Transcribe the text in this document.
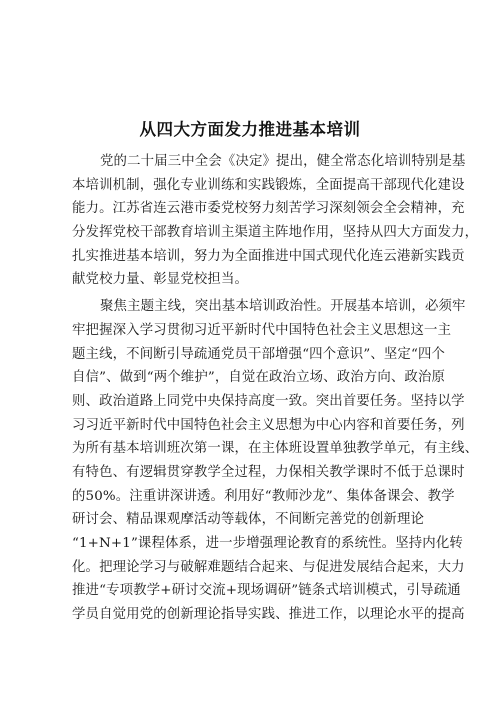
从四大方面发力推进基本培训
党的二十届三中全会《决定》提出，健全常态化培训特别是基
本培训机制，强化专业训练和实践锻炼，全面提高干部现代化建设
能力。江苏省连云港市委党校努力刻苦学习深刻领会全会精神，充
分发挥党校干部教育培训主渠道主阵地作用，坚持从四大方面发力，
扎实推进基本培训，努力为全面推进中国式现代化连云港新实践贡
献党校力量、彰显党校担当。
聚焦主题主线，突出基本培训政治性。开展基本培训，必须牢
牢把握深入学习贯彻习近平新时代中国特色社会主义思想这一主
题主线，不间断引导疏通党员干部增强“四个意识”、坚定“四个
自信”、做到“两个维护”，自觉在政治立场、政治方向、政治原
则、政治道路上同党中央保持高度一致。突出首要任务。坚持以学
习习近平新时代中国特色社会主义思想为中心内容和首要任务，列
为所有基本培训班次第一课，在主体班设置单独教学单元，有主线、
有特色、有逻辑贯穿教学全过程，力保相关教学课时不低于总课时
的50%。注重讲深讲透。利用好“教师沙龙”、集体备课会、教学
研讨会、精品课观摩活动等载体，不间断完善党的创新理论
“1+N+1”课程体系，进一步增强理论教育的系统性。坚持内化转
化。把理论学习与破解难题结合起来、与促进发展结合起来，大力
推进“专项教学+研讨交流+现场调研”链条式培训模式，引导疏通
学员自觉用党的创新理论指导实践、推进工作，以理论水平的提高
